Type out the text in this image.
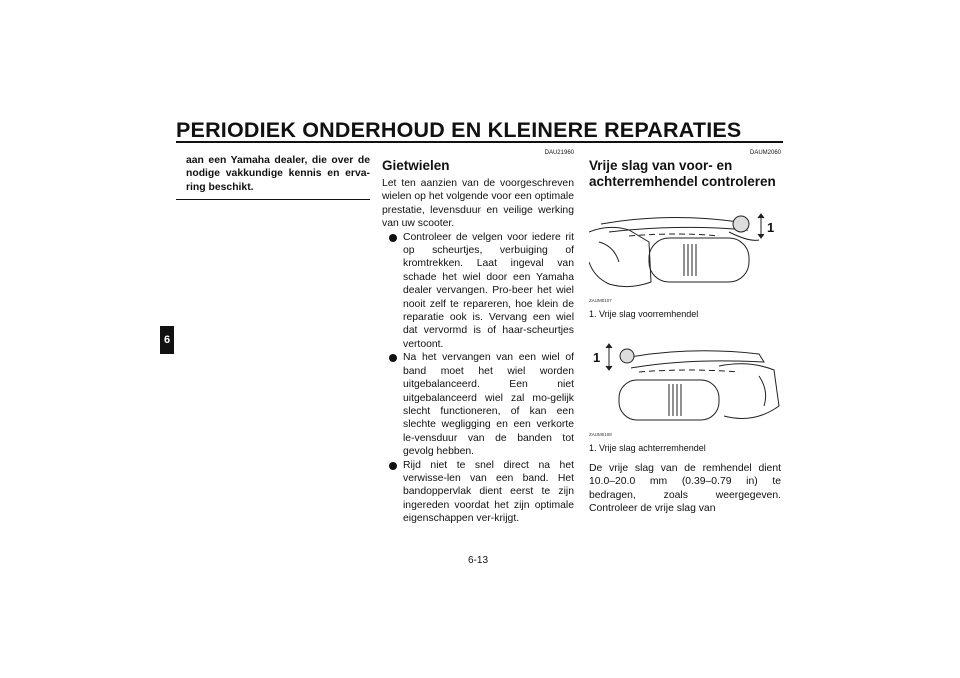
PERIODIEK ONDERHOUD EN KLEINERE REPARATIES
6

aan een Yamaha dealer, die over de nodige vakkundige kennis en erva-ring beschikt.

DAU21960

Gietwielen

Let ten aanzien van de voorgeschreven wielen op het volgende voor een optimale prestatie, levensduur en veilige werking van uw scooter.

Controleer de velgen voor iedere rit op scheurtjes, verbuiging of kromtrekken. Laat ingeval van schade het wiel door een Yamaha dealer vervangen. Pro-beer het wiel nooit zelf te repareren, hoe klein de reparatie ook is. Vervang een wiel dat vervormd is of haar-scheurtjes vertoont.
Na het vervangen van een wiel of band moet het wiel worden uitgebalanceerd. Een niet uitgebalanceerd wiel zal mo-gelijk slecht functioneren, of kan een slechte wegligging en een verkorte le-vensduur van de banden tot gevolg hebben.
Rijd niet te snel direct na het verwisse-len van een band. Het bandoppervlak dient eerst te zijn ingereden voordat het zijn optimale eigenschappen ver-krijgt.

DAUM2060

Vrije slag van voor- en achterremhendel controleren
1
ZAUM0107

1. Vrije slag voorremhendel

1
ZAUM0108

1. Vrije slag achterremhendel

De vrije slag van de remhendel dient 10.0–20.0 mm (0.39–0.79 in) te bedragen, zoals weergegeven. Controleer de vrije slag van

6-13
